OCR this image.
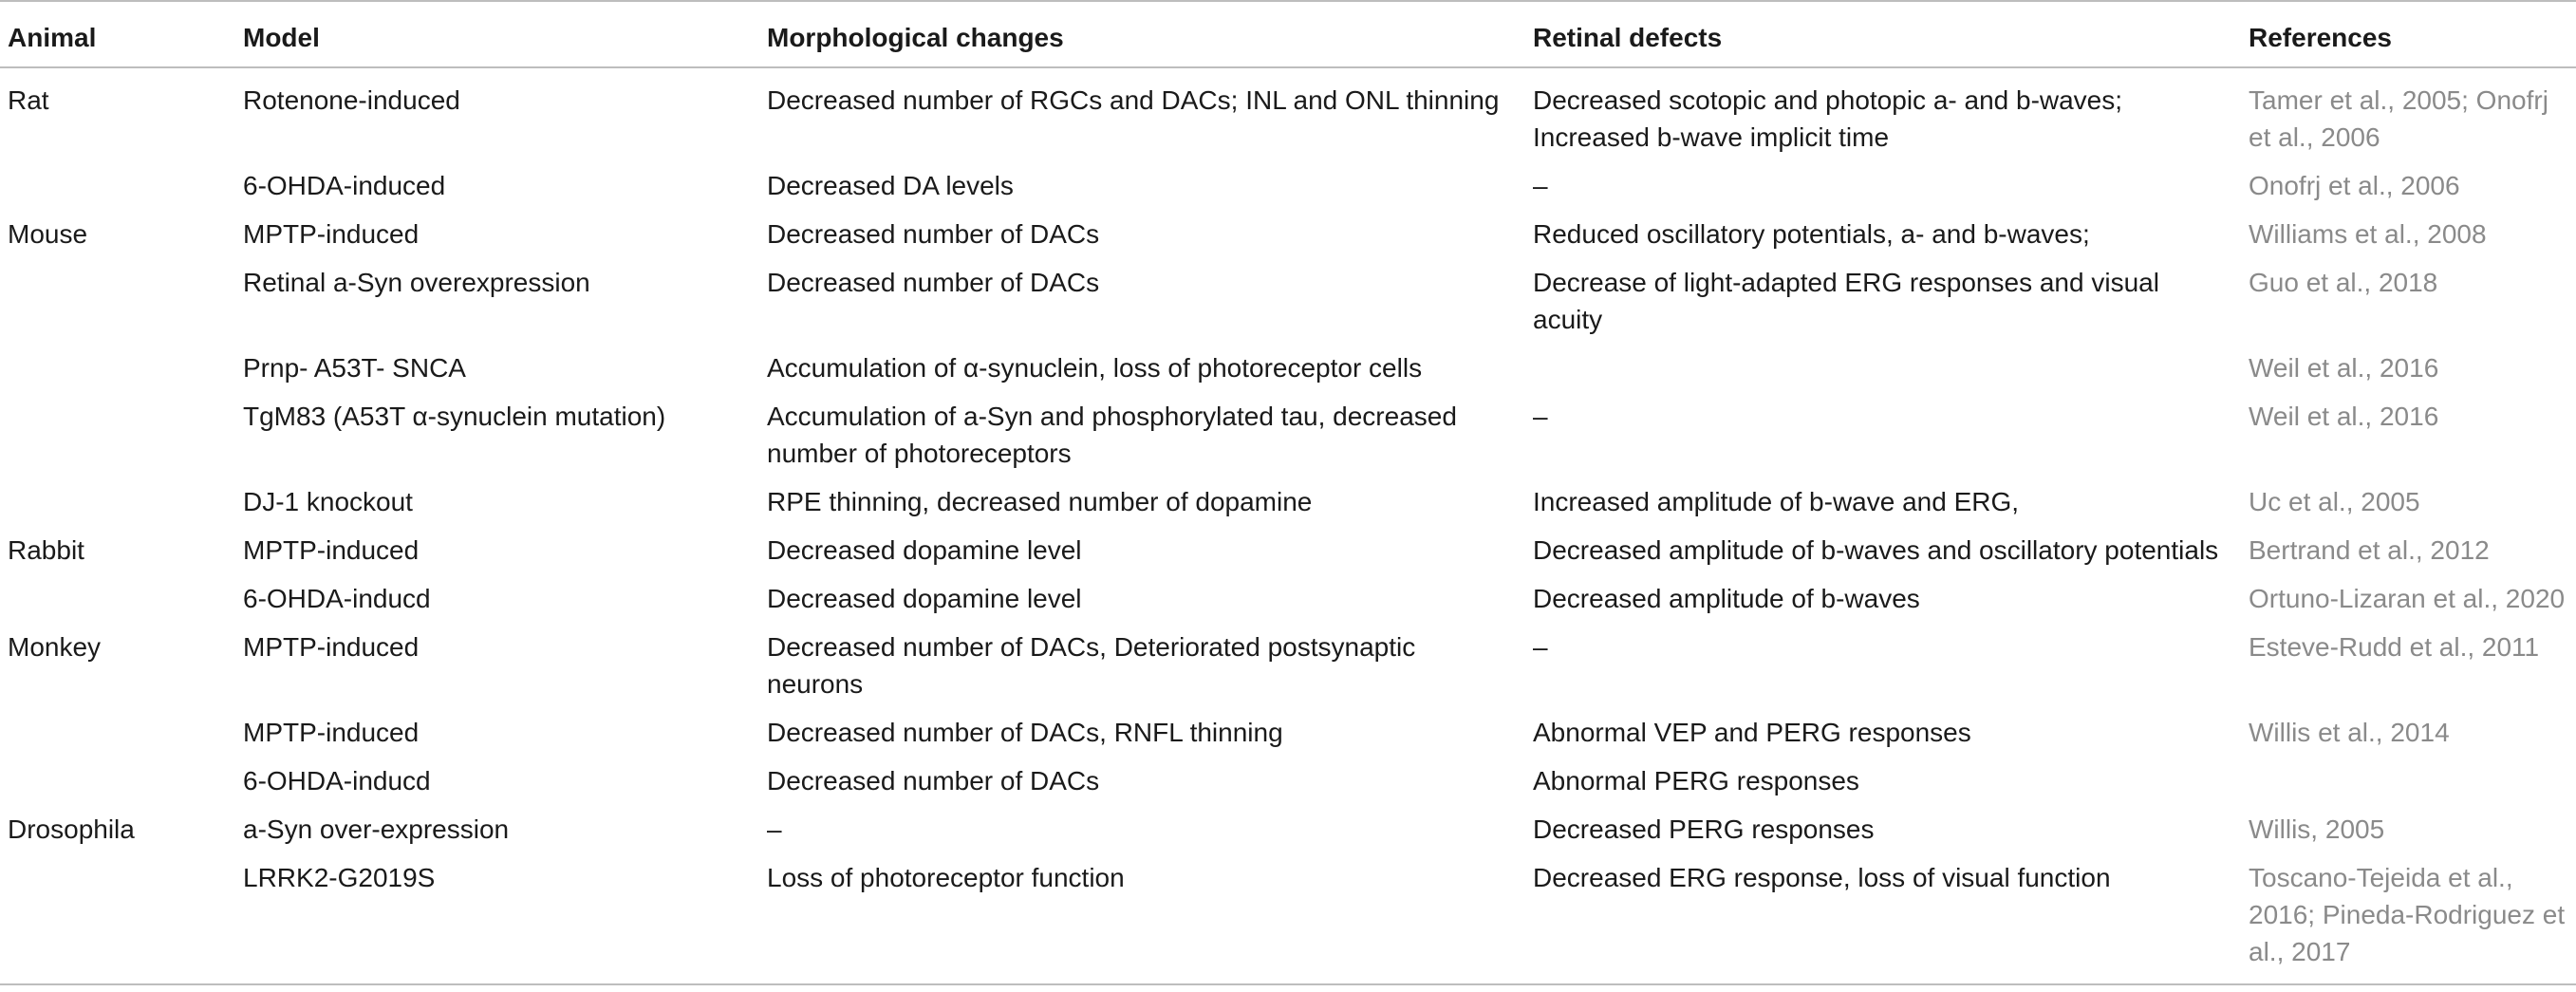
Animal	Model	Morphological changes	Retinal defects	References
Rat	Rotenone-induced	Decreased number of RGCs and DACs; INL and ONL thinning	Decreased scotopic and photopic a- and b-waves; Increased b-wave implicit time	Tamer et al., 2005; Onofrj et al., 2006
	6-OHDA-induced	Decreased DA levels	–	Onofrj et al., 2006
Mouse	MPTP-induced	Decreased number of DACs	Reduced oscillatory potentials, a- and b-waves;	Williams et al., 2008
	Retinal a-Syn overexpression	Decreased number of DACs	Decrease of light-adapted ERG responses and visual acuity	Guo et al., 2018
	Prnp- A53T- SNCA	Accumulation of α-synuclein, loss of photoreceptor cells		Weil et al., 2016
	TgM83 (A53T α-synuclein mutation)	Accumulation of a-Syn and phosphorylated tau, decreased number of photoreceptors	–	Weil et al., 2016
	DJ-1 knockout	RPE thinning, decreased number of dopamine	Increased amplitude of b-wave and ERG,	Uc et al., 2005
Rabbit	MPTP-induced	Decreased dopamine level	Decreased amplitude of b-waves and oscillatory potentials	Bertrand et al., 2012
	6-OHDA-inducd	Decreased dopamine level	Decreased amplitude of b-waves	Ortuno-Lizaran et al., 2020
Monkey	MPTP-induced	Decreased number of DACs, Deteriorated postsynaptic neurons	–	Esteve-Rudd et al., 2011
	MPTP-induced	Decreased number of DACs, RNFL thinning	Abnormal VEP and PERG responses	Willis et al., 2014
	6-OHDA-inducd	Decreased number of DACs	Abnormal PERG responses	
Drosophila	a-Syn over-expression	–	Decreased PERG responses	Willis, 2005
	LRRK2-G2019S	Loss of photoreceptor function	Decreased ERG response, loss of visual function	Toscano-Tejeida et al., 2016; Pineda-Rodriguez et al., 2017
